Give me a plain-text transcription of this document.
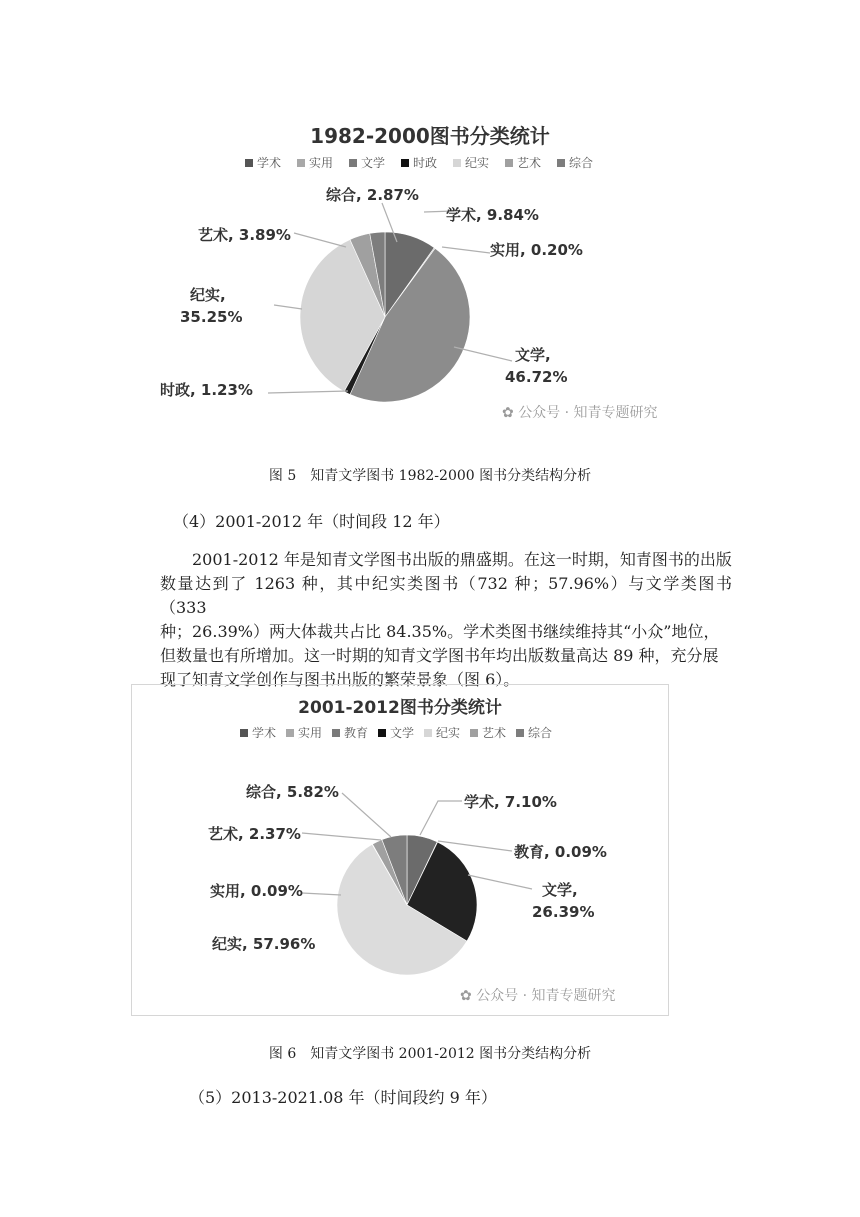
1982-2000图书分类统计
学术 实用 文学 时政 纪实 艺术 综合
综合, 2.87%
学术, 9.84%
实用, 0.20%
艺术, 3.89%
时政, 1.23%
纪实, 35.25%
文学, 46.72%
✿ 公众号 · 知青专题研究
图 5　知青文学图书 1982-2000 图书分类结构分析
（4）2001-2012 年（时间段 12 年）
2001-2012 年是知青文学图书出版的鼎盛期。在这一时期，知青图书的出版
数量达到了 1263 种，其中纪实类图书（732 种；57.96%）与文学类图书（333
种；26.39%）两大体裁共占比 84.35%。学术类图书继续维持其“小众”地位，
但数量也有所增加。这一时期的知青文学图书年均出版数量高达 89 种，充分展
现了知青文学创作与图书出版的繁荣景象（图 6）。
2001-2012图书分类统计
学术 实用 教育 文学 纪实 艺术 综合
综合, 5.82%
学术, 7.10%
教育, 0.09%
艺术, 2.37%
实用, 0.09%
纪实, 57.96%
文学, 26.39%
✿ 公众号 · 知青专题研究
图 6　知青文学图书 2001-2012 图书分类结构分析
（5）2013-2021.08 年（时间段约 9 年）
